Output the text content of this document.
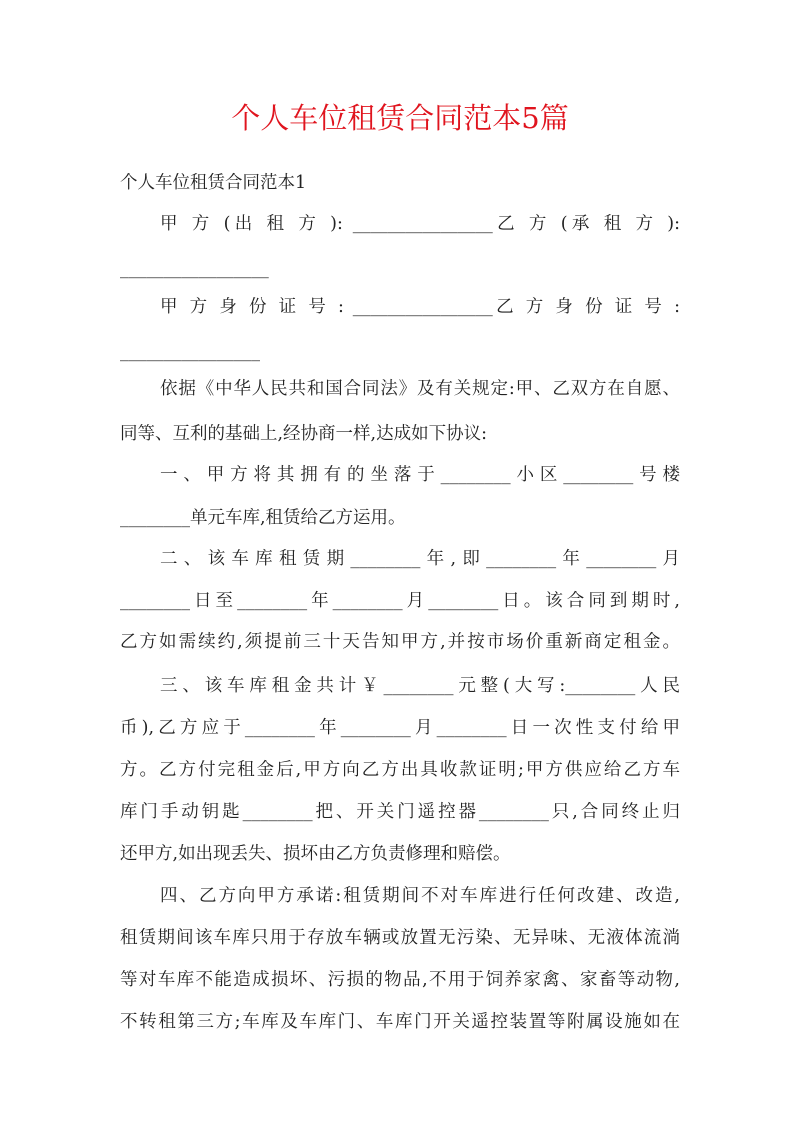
个人车位租赁合同范本5篇
个人车位租赁合同范本1
甲 方 (出 租 方 ): ________________乙 方 (承 租 方 ):
_________________
甲 方 身 份 证 号 : ________________乙 方 身 份 证 号 :
________________
依据《中华人民共和国合同法》及有关规定:甲、乙双方在自愿、
同等、互利的基础上,经协商一样,达成如下协议:
一、甲方将其拥有的坐落于________小区________号楼
________单元车库,租赁给乙方运用。
二、该车库租赁期________年,即________年________月
________日至________年________月________日。该合同到期时,
乙方如需续约,须提前三十天告知甲方,并按市场价重新商定租金。
三、该车库租金共计￥________元整(大写:________人民
币),乙方应于________年________月________日一次性支付给甲
方。乙方付完租金后,甲方向乙方出具收款证明;甲方供应给乙方车
库门手动钥匙________把、开关门遥控器________只,合同终止归
还甲方,如出现丢失、损坏由乙方负责修理和赔偿。
四、乙方向甲方承诺:租赁期间不对车库进行任何改建、改造,
租赁期间该车库只用于存放车辆或放置无污染、无异味、无液体流淌
等对车库不能造成损坏、污损的物品,不用于饲养家禽、家畜等动物,
不转租第三方;车库及车库门、车库门开关遥控装置等附属设施如在
